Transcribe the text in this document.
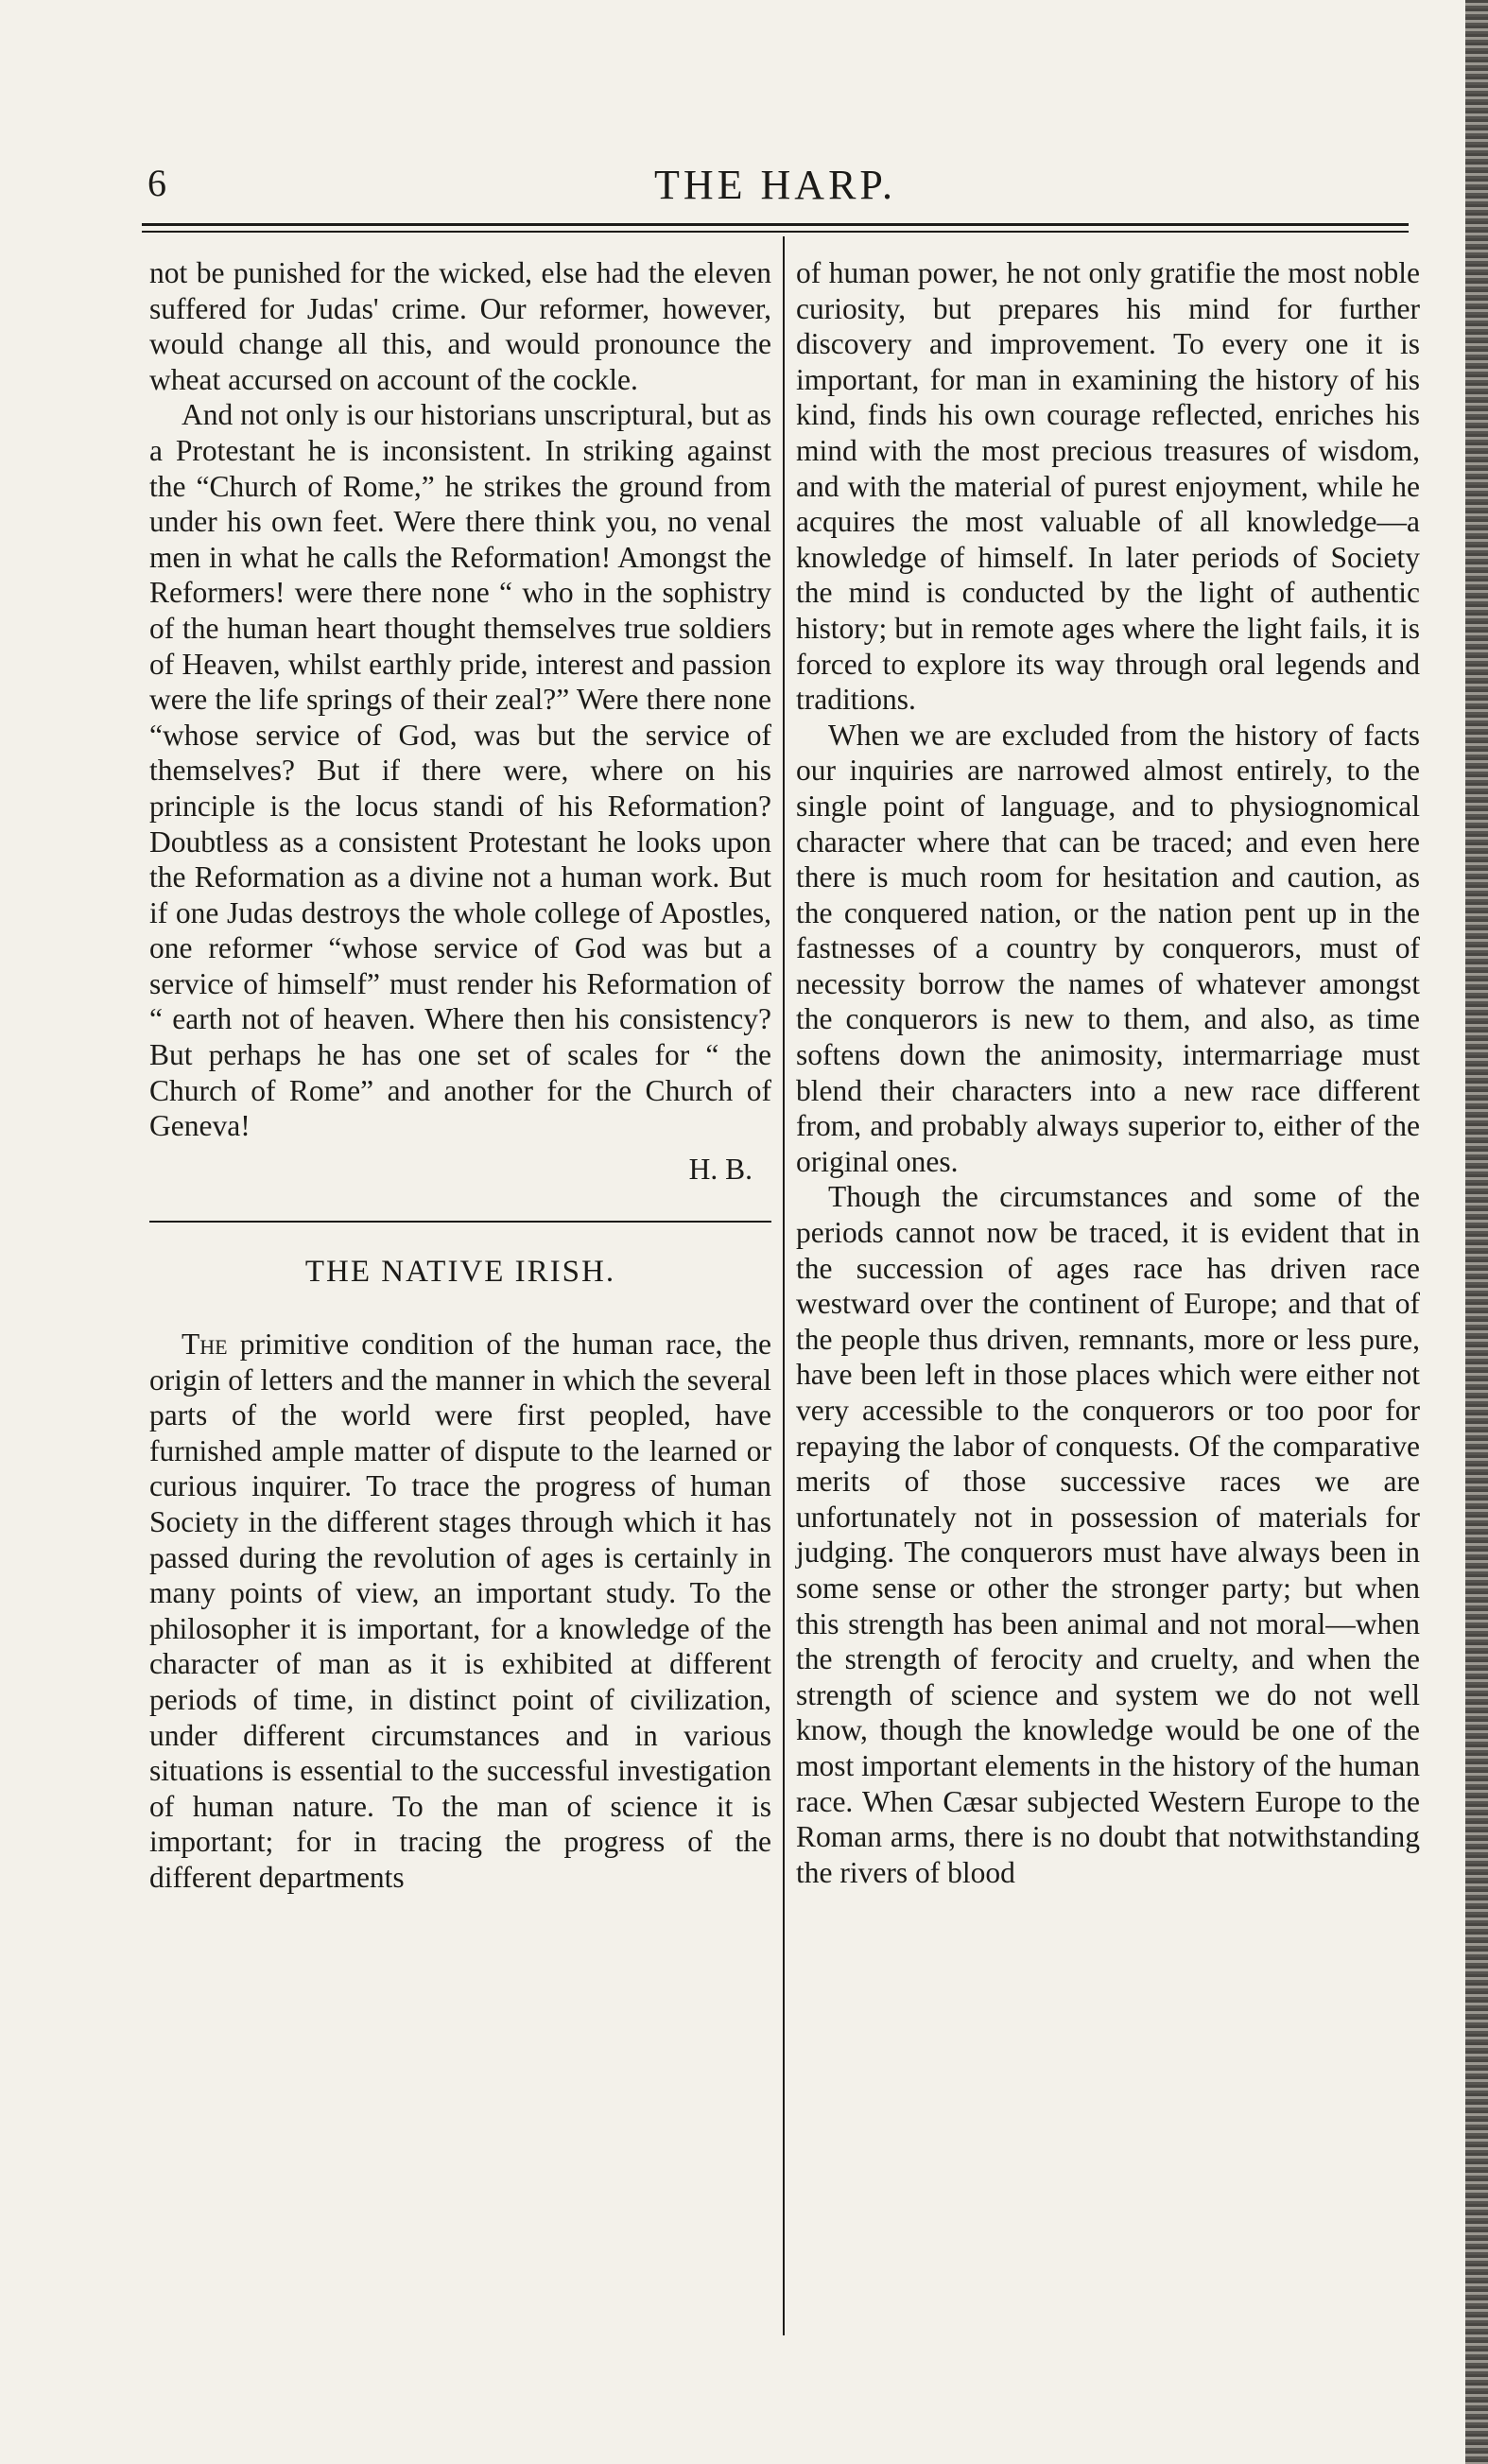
6	THE HARP.

not be punished for the wicked, else had the eleven suffered for Judas' crime. Our reformer, however, would change all this, and would pronounce the wheat accursed on account of the cockle.

And not only is our historians unscriptural, but as a Protestant he is inconsistent. In striking against the “Church of Rome,” he strikes the ground from under his own feet. Were there think you, no venal men in what he calls the Reformation! Amongst the Reformers! were there none “ who in the sophistry of the human heart thought themselves true soldiers of Heaven, whilst earthly pride, interest and passion were the life springs of their zeal?” Were there none “whose service of God, was but the service of themselves? But if there were, where on his principle is the locus standi of his Reformation? Doubtless as a consistent Protestant he looks upon the Reformation as a divine not a human work. But if one Judas destroys the whole college of Apostles, one reformer “whose service of God was but a service of himself” must render his Reformation of “ earth not of heaven. Where then his consistency? But perhaps he has one set of scales for “ the Church of Rome” and another for the Church of Geneva!

H. B.
THE NATIVE IRISH.

The primitive condition of the human race, the origin of letters and the manner in which the several parts of the world were first peopled, have furnished ample matter of dispute to the learned or curious inquirer. To trace the progress of human Society in the different stages through which it has passed during the revolution of ages is certainly in many points of view, an important study. To the philosopher it is important, for a knowledge of the character of man as it is exhibited at different periods of time, in distinct point of civilization, under different circumstances and in various situations is essential to the successful investigation of human nature. To the man of science it is important; for in tracing the progress of the different departments

of human power, he not only gratifie the most noble curiosity, but prepares his mind for further discovery and improvement. To every one it is important, for man in examining the history of his kind, finds his own courage reflected, enriches his mind with the most precious treasures of wisdom, and with the material of purest enjoyment, while he acquires the most valuable of all knowledge—a knowledge of himself. In later periods of Society the mind is conducted by the light of authentic history; but in remote ages where the light fails, it is forced to explore its way through oral legends and traditions.

When we are excluded from the history of facts our inquiries are narrowed almost entirely, to the single point of language, and to physiognomical character where that can be traced; and even here there is much room for hesitation and caution, as the conquered nation, or the nation pent up in the fastnesses of a country by conquerors, must of necessity borrow the names of whatever amongst the conquerors is new to them, and also, as time softens down the animosity, intermarriage must blend their characters into a new race different from, and probably always superior to, either of the original ones.

Though the circumstances and some of the periods cannot now be traced, it is evident that in the succession of ages race has driven race westward over the continent of Europe; and that of the people thus driven, remnants, more or less pure, have been left in those places which were either not very accessible to the conquerors or too poor for repaying the labor of conquests. Of the comparative merits of those successive races we are unfortunately not in possession of materials for judging. The conquerors must have always been in some sense or other the stronger party; but when this strength has been animal and not moral—when the strength of ferocity and cruelty, and when the strength of science and system we do not well know, though the knowledge would be one of the most important elements in the history of the human race. When Cæsar subjected Western Europe to the Roman arms, there is no doubt that notwithstanding the rivers of blood
